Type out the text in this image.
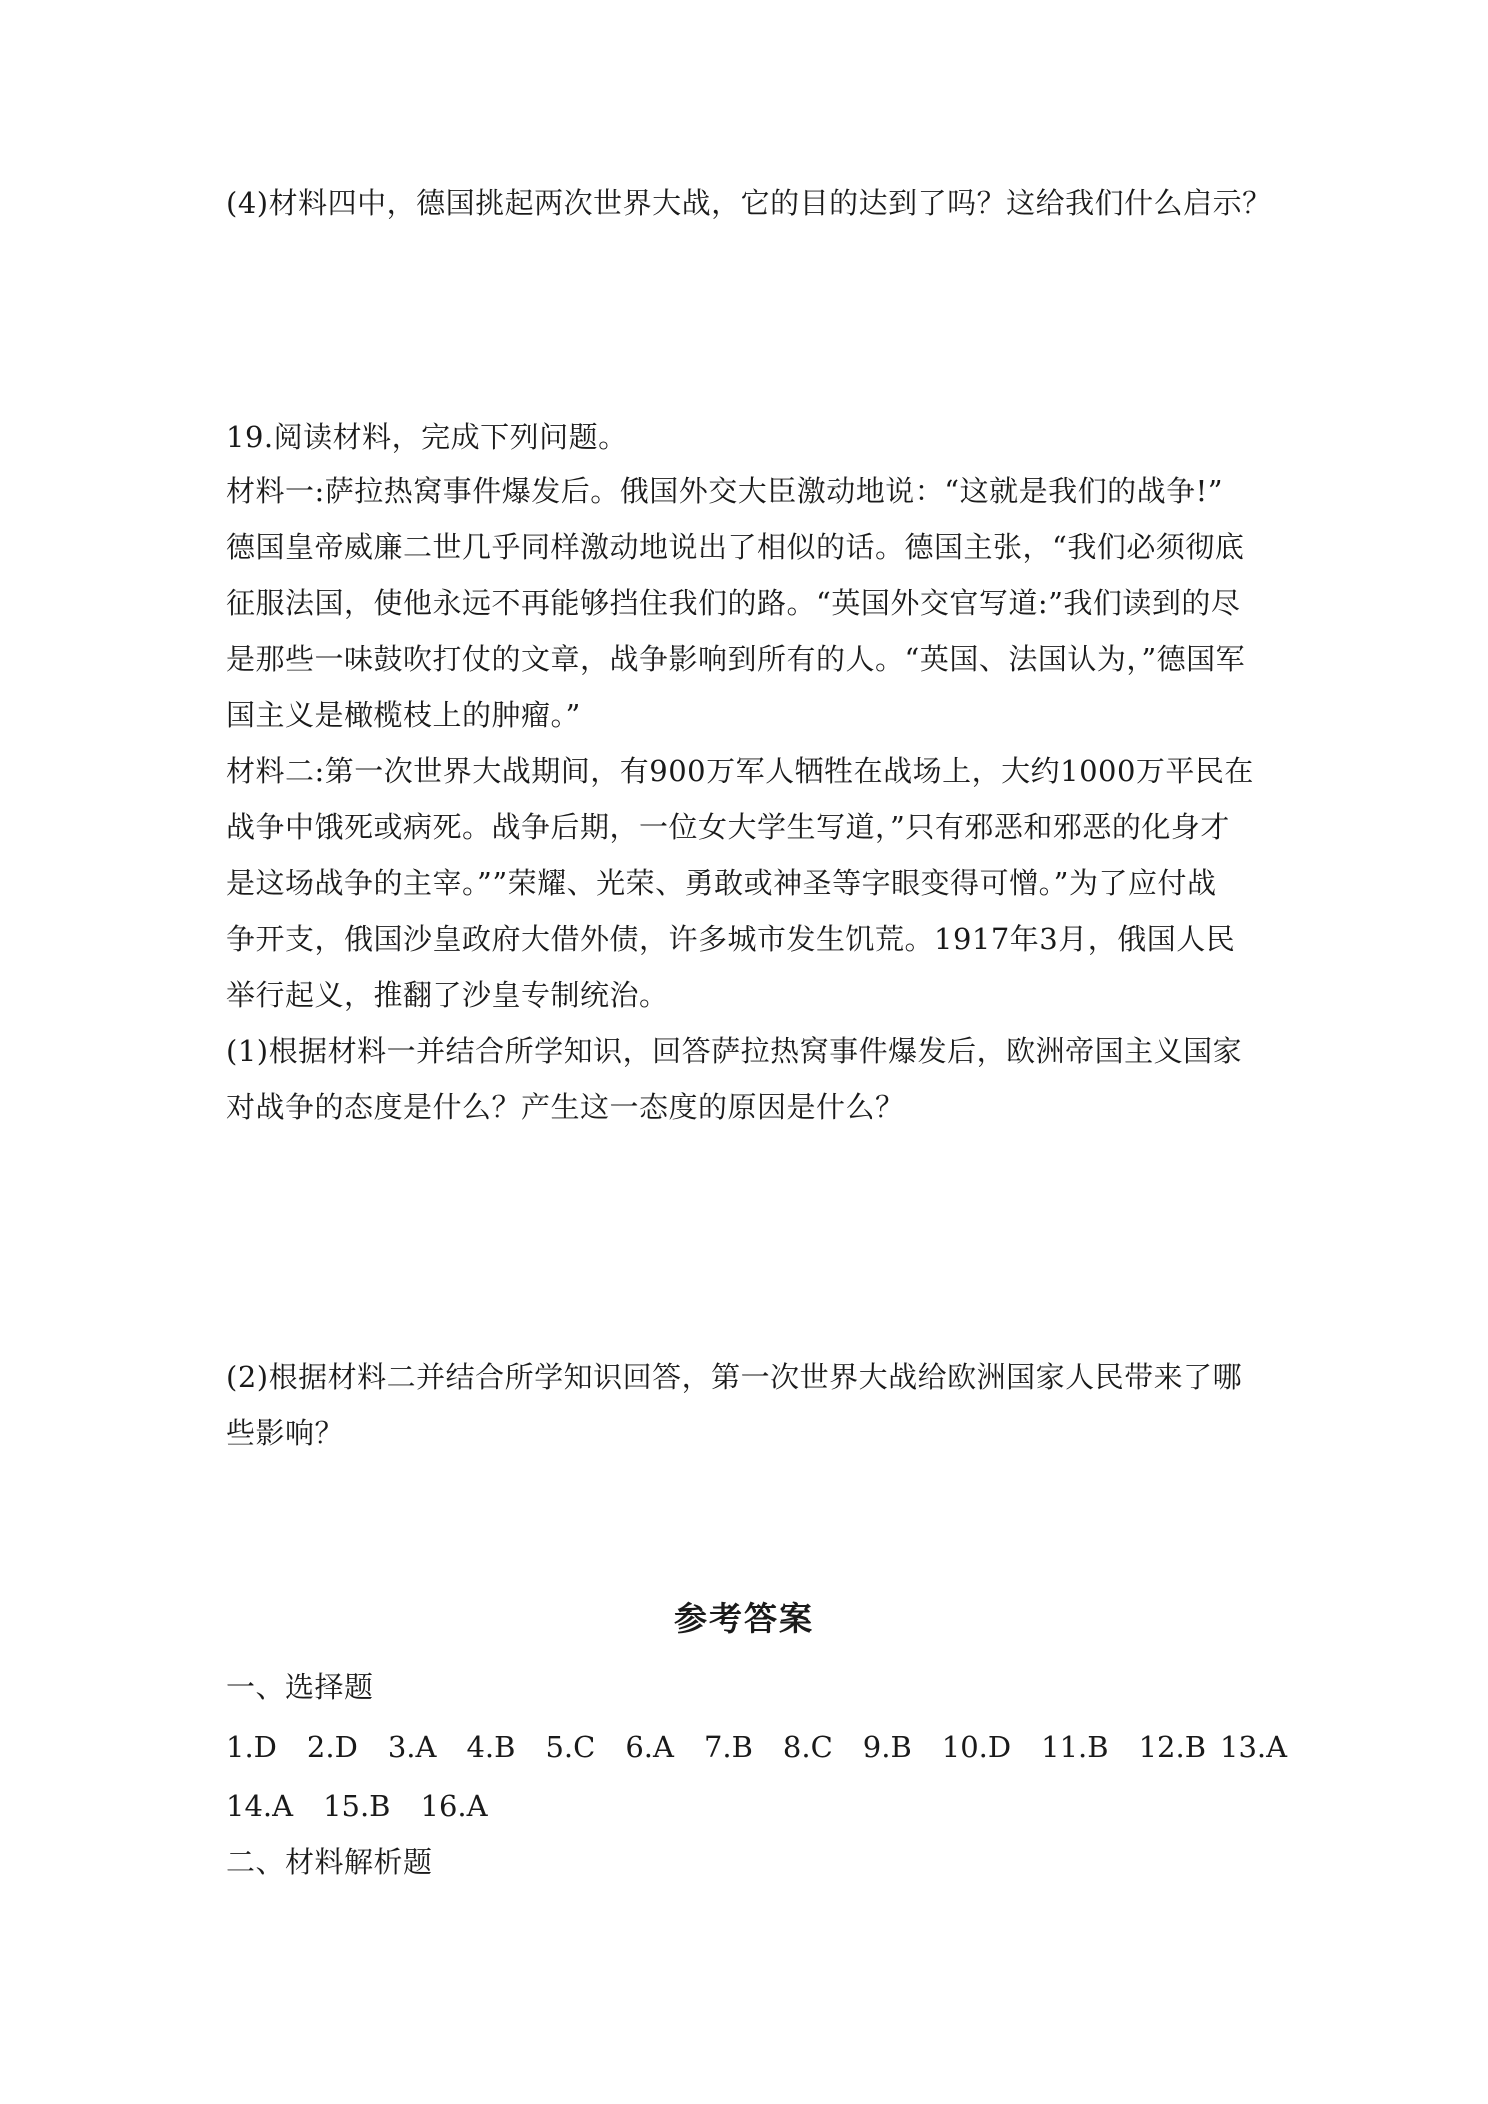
(4)材料四中，德国挑起两次世界大战，它的目的达到了吗？这给我们什么启示？
19.阅读材料，完成下列问题。
材料一:萨拉热窝事件爆发后。俄国外交大臣激动地说：“这就是我们的战争!”
德国皇帝威廉二世几乎同样激动地说出了相似的话。德国主张，“我们必须彻底
征服法国，使他永远不再能够挡住我们的路。“英国外交官写道:”我们读到的尽
是那些一味鼓吹打仗的文章，战争影响到所有的人。“英国、法国认为，”德国军
国主义是橄榄枝上的肿瘤。”
材料二:第一次世界大战期间，有900万军人牺牲在战场上，大约1000万平民在
战争中饿死或病死。战争后期，一位女大学生写道，”只有邪恶和邪恶的化身才
是这场战争的主宰。””荣耀、光荣、勇敢或神圣等字眼变得可憎。”为了应付战
争开支，俄国沙皇政府大借外债，许多城市发生饥荒。1917年3月，俄国人民
举行起义，推翻了沙皇专制统治。
(1)根据材料一并结合所学知识，回答萨拉热窝事件爆发后，欧洲帝国主义国家
对战争的态度是什么？产生这一态度的原因是什么？
(2)根据材料二并结合所学知识回答，第一次世界大战给欧洲国家人民带来了哪
些影响？
参考答案
一、选择题
1.D 2.D 3.A 4.B 5.C 6.A 7.B 8.C 9.B 10.D 11.B 12.B 13.A
14.A 15.B 16.A
二、材料解析题
